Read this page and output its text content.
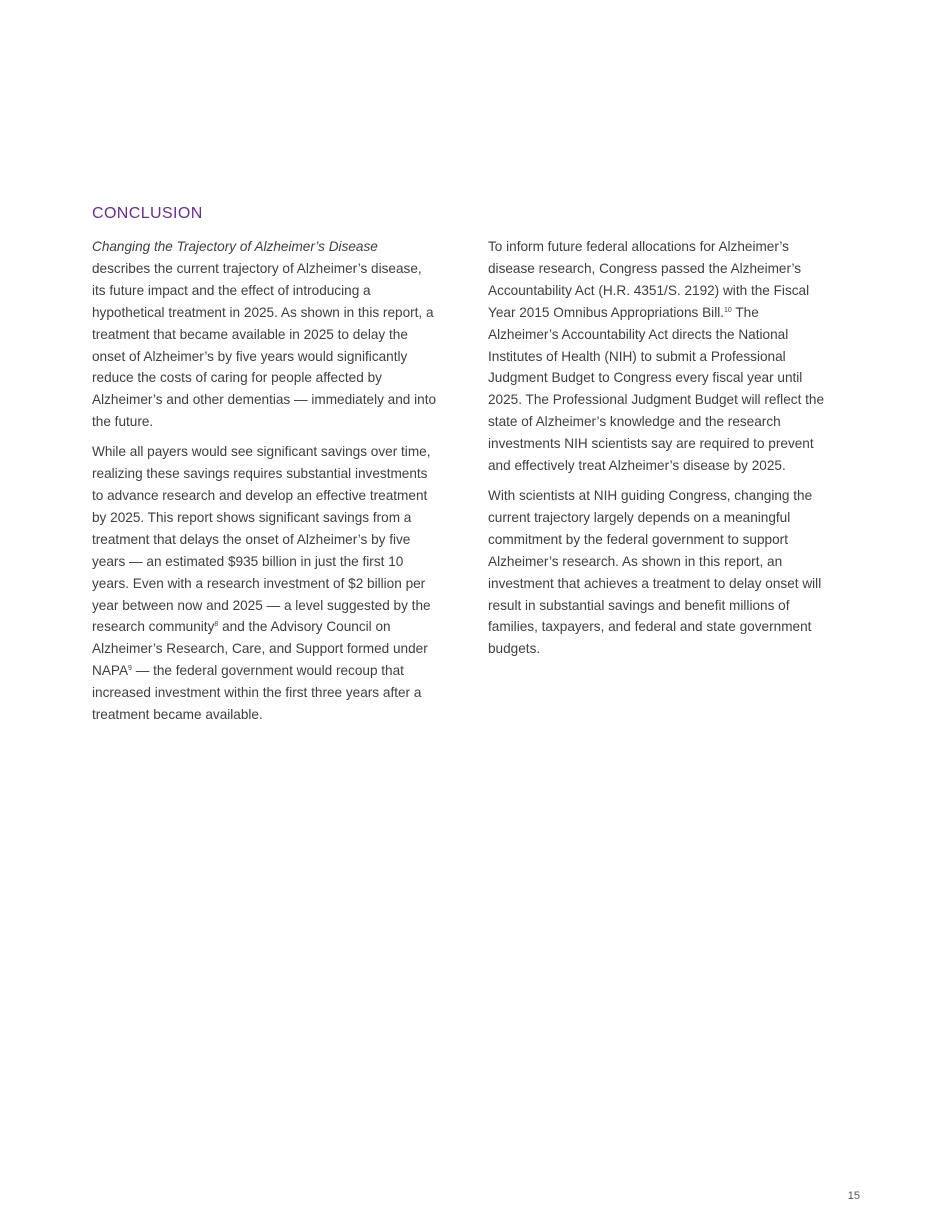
CONCLUSION

Changing the Trajectory of Alzheimer’s Disease describes the current trajectory of Alzheimer’s disease, its future impact and the effect of introducing a hypothetical treatment in 2025. As shown in this report, a treatment that became available in 2025 to delay the onset of Alzheimer’s by five years would significantly reduce the costs of caring for people affected by Alzheimer’s and other dementias — immediately and into the future.

While all payers would see significant savings over time, realizing these savings requires substantial investments to advance research and develop an effective treatment by 2025. This report shows significant savings from a treatment that delays the onset of Alzheimer’s by five years — an estimated $935 billion in just the first 10 years. Even with a research investment of $2 billion per year between now and 2025 — a level suggested by the research community$^8$ and the Advisory Council on Alzheimer’s Research, Care, and Support formed under NAPA$^9$ — the federal government would recoup that increased investment within the first three years after a treatment became available.

To inform future federal allocations for Alzheimer’s disease research, Congress passed the Alzheimer’s Accountability Act (H.R. 4351/S. 2192) with the Fiscal Year 2015 Omnibus Appropriations Bill.$^{10}$ The Alzheimer’s Accountability Act directs the National Institutes of Health (NIH) to submit a Professional Judgment Budget to Congress every fiscal year until 2025. The Professional Judgment Budget will reflect the state of Alzheimer’s knowledge and the research investments NIH scientists say are required to prevent and effectively treat Alzheimer’s disease by 2025.

With scientists at NIH guiding Congress, changing the current trajectory largely depends on a meaningful commitment by the federal government to support Alzheimer’s research. As shown in this report, an investment that achieves a treatment to delay onset will result in substantial savings and benefit millions of families, taxpayers, and federal and state government budgets.

15
